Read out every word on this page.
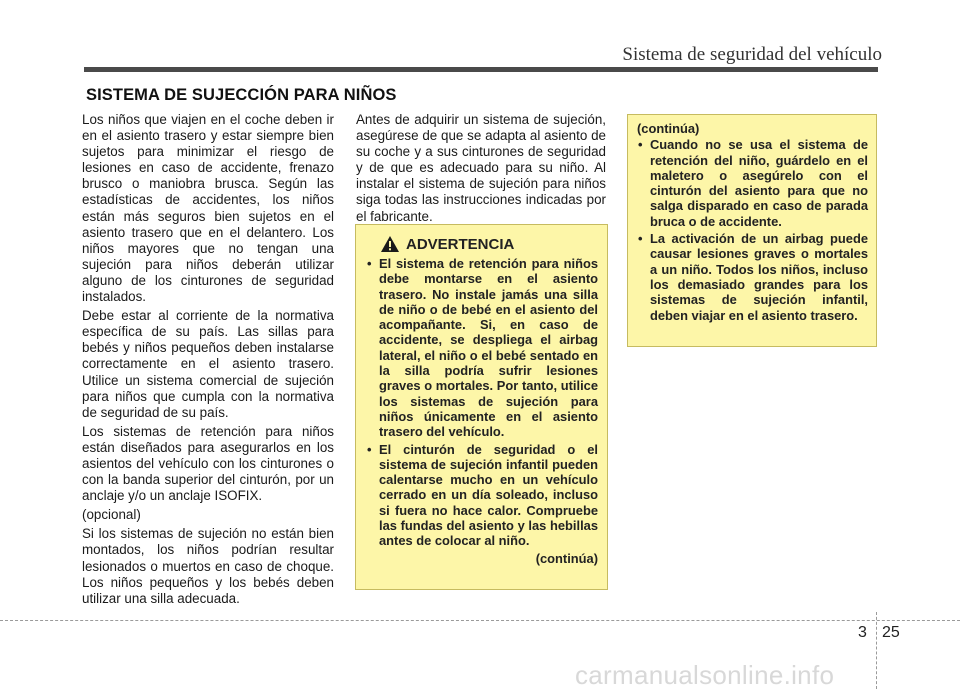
Sistema de seguridad del vehículo
SISTEMA DE SUJECCIÓN PARA NIÑOS

Los niños que viajen en el coche deben ir en el asiento trasero y estar siempre bien sujetos para minimizar el riesgo de lesiones en caso de accidente, frenazo brusco o maniobra brusca. Según las estadísticas de accidentes, los niños están más seguros bien sujetos en el asiento trasero que en el delantero. Los niños mayores que no tengan una sujeción para niños deberán utilizar alguno de los cinturones de seguridad instalados.

Debe estar al corriente de la normativa específica de su país. Las sillas para bebés y niños pequeños deben instalarse correctamente en el asiento trasero. Utilice un sistema comercial de sujeción para niños que cumpla con la normativa de seguridad de su país.

Los sistemas de retención para niños están diseñados para asegurarlos en los asientos del vehículo con los cinturones o con la banda superior del cinturón, por un anclaje y/o un anclaje ISOFIX.

(opcional)

Si los sistemas de sujeción no están bien montados, los niños podrían resultar lesionados o muertos en caso de choque. Los niños pequeños y los bebés deben utilizar una silla adecuada.

Antes de adquirir un sistema de sujeción, asegúrese de que se adapta al asiento de su coche y a sus cinturones de seguridad y de que es adecuado para su niño. Al instalar el sistema de sujeción para niños siga todas las instrucciones indicadas por el fabricante.

ADVERTENCIA
• El sistema de retención para niños debe montarse en el asiento trasero. No instale jamás una silla de niño o de bebé en el asiento del acompañante. Si, en caso de accidente, se despliega el airbag lateral, el niño o el bebé sentado en la silla podría sufrir lesiones graves o mortales. Por tanto, utilice los sistemas de sujeción para niños únicamente en el asiento trasero del vehículo.
• El cinturón de seguridad o el sistema de sujeción infantil pueden calentarse mucho en un vehículo cerrado en un día soleado, incluso si fuera no hace calor. Compruebe las fundas del asiento y las hebillas antes de colocar al niño.
(continúa)
(continúa)
• Cuando no se usa el sistema de retención del niño, guárdelo en el maletero o asegúrelo con el cinturón del asiento para que no salga disparado en caso de parada bruca o de accidente.
• La activación de un airbag puede causar lesiones graves o mortales a un niño. Todos los niños, incluso los demasiado grandes para los sistemas de sujeción infantil, deben viajar en el asiento trasero.
3 25
carmanualsonline.info
